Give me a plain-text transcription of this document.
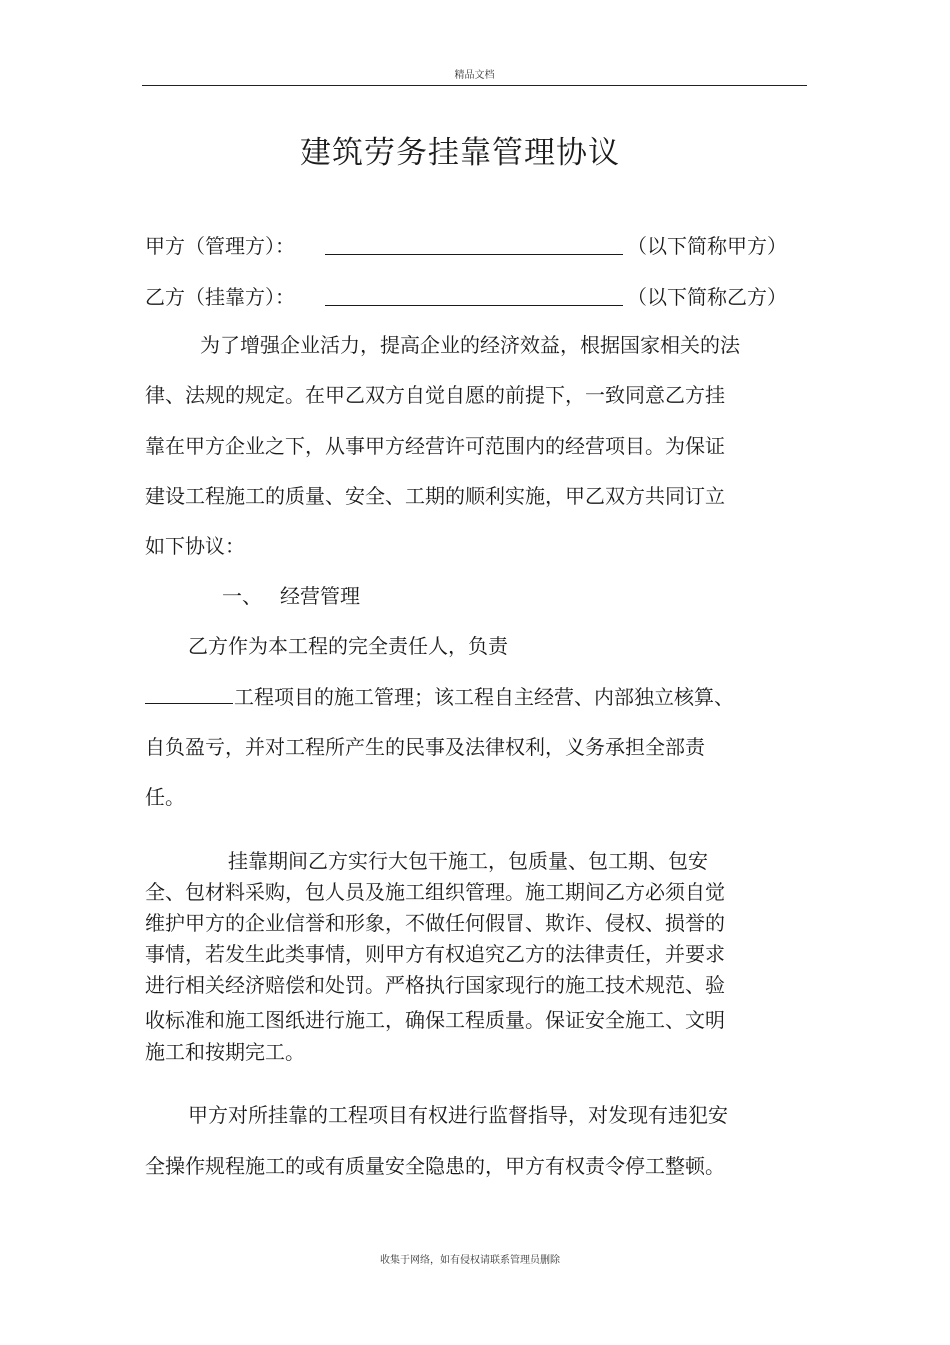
精品文档
建筑劳务挂靠管理协议
甲方（管理方）：	（以下简称甲方）
乙方（挂靠方）：	（以下简称乙方）
为了增强企业活力，提高企业的经济效益，根据国家相关的法
律、法规的规定。在甲乙双方自觉自愿的前提下，一致同意乙方挂
靠在甲方企业之下，从事甲方经营许可范围内的经营项目。为保证
建设工程施工的质量、安全、工期的顺利实施，甲乙双方共同订立
如下协议：
一、 经营管理
乙方作为本工程的完全责任人，负责
工程项目的施工管理；该工程自主经营、内部独立核算、
自负盈亏，并对工程所产生的民事及法律权利，义务承担全部责
任。
挂靠期间乙方实行大包干施工，包质量、包工期、包安
全、包材料采购，包人员及施工组织管理。施工期间乙方必须自觉
维护甲方的企业信誉和形象，不做任何假冒、欺诈、侵权、损誉的
事情，若发生此类事情，则甲方有权追究乙方的法律责任，并要求
进行相关经济赔偿和处罚。严格执行国家现行的施工技术规范、验
收标准和施工图纸进行施工，确保工程质量。保证安全施工、文明
施工和按期完工。
甲方对所挂靠的工程项目有权进行监督指导，对发现有违犯安
全操作规程施工的或有质量安全隐患的，甲方有权责令停工整顿。
收集于网络，如有侵权请联系管理员删除
